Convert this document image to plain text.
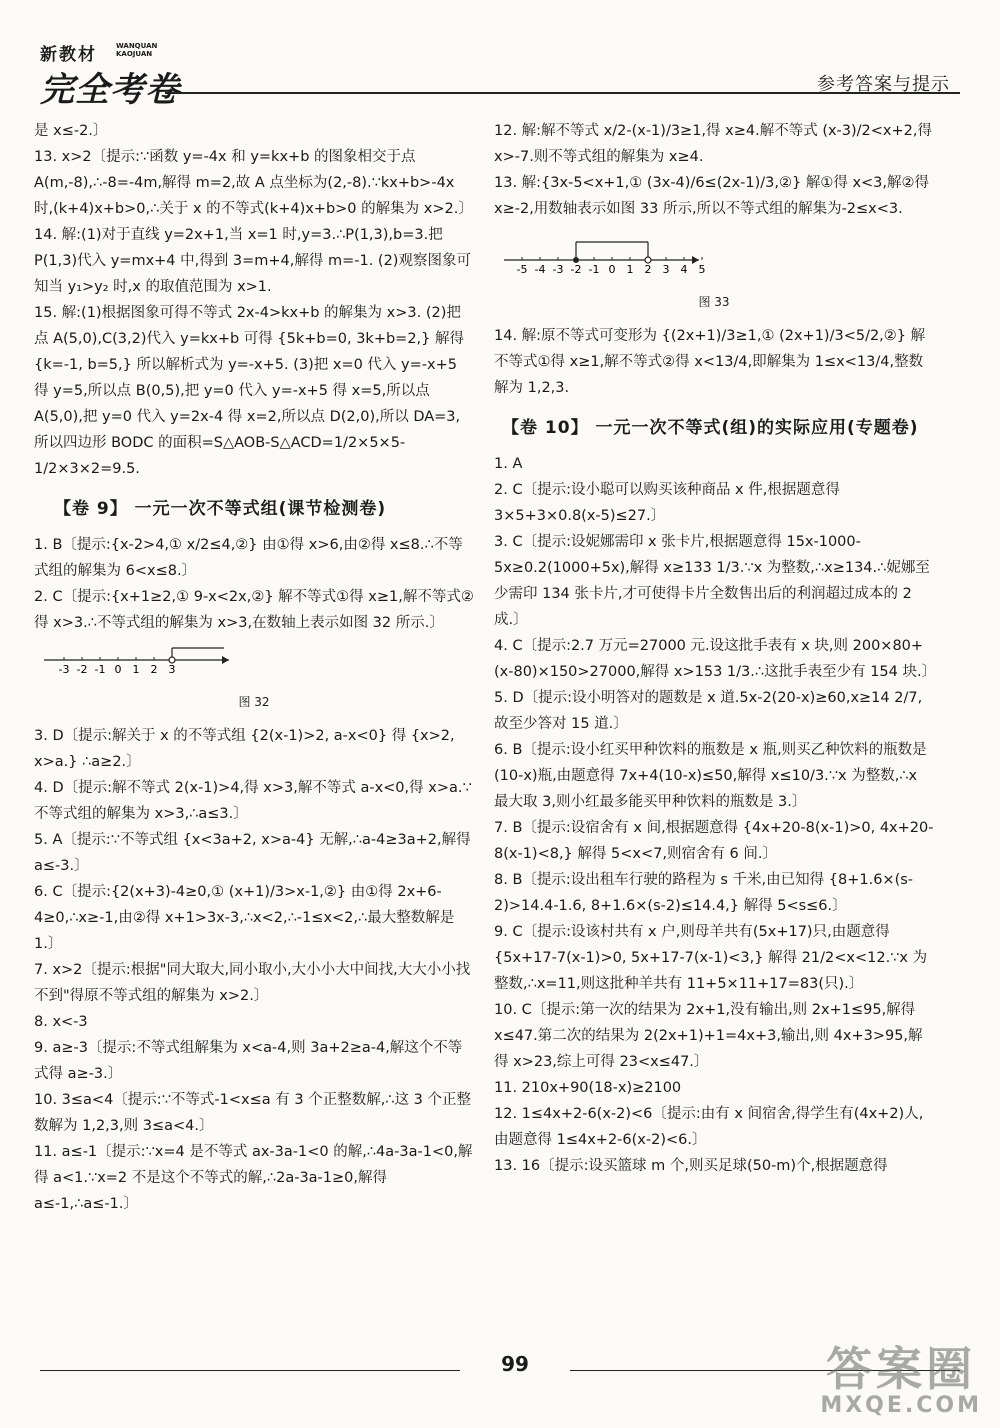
新教材	WANQUAN
KAOJUAN
完全考卷	参考答案与提示

是 x≤-2.〕

13. x>2〔提示:∵函数 y=-4x 和 y=kx+b 的图象相交于点 A(m,-8),∴-8=-4m,解得 m=2,故 A 点坐标为(2,-8).∵kx+b>-4x 时,(k+4)x+b>0,∴关于 x 的不等式(k+4)x+b>0 的解集为 x>2.〕

14. 解:(1)对于直线 y=2x+1,当 x=1 时,y=3.∴P(1,3),b=3.把 P(1,3)代入 y=mx+4 中,得到 3=m+4,解得 m=-1. (2)观察图象可知当 y₁>y₂ 时,x 的取值范围为 x>1.

15. 解:(1)根据图象可得不等式 2x-4>kx+b 的解集为 x>3. (2)把点 A(5,0),C(3,2)代入 y=kx+b 可得 {5k+b=0, 3k+b=2,} 解得 {k=-1, b=5,} 所以解析式为 y=-x+5. (3)把 x=0 代入 y=-x+5 得 y=5,所以点 B(0,5),把 y=0 代入 y=-x+5 得 x=5,所以点 A(5,0),把 y=0 代入 y=2x-4 得 x=2,所以点 D(2,0),所以 DA=3,所以四边形 BODC 的面积=S△AOB-S△ACD=1/2×5×5-1/2×3×2=9.5.

【卷 9】 一元一次不等式组(课节检测卷)

1. B〔提示:{x-2>4,① x/2≤4,②} 由①得 x>6,由②得 x≤8.∴不等式组的解集为 6<x≤8.〕

2. C〔提示:{x+1≥2,① 9-x<2x,②} 解不等式①得 x≥1,解不等式②得 x>3.∴不等式组的解集为 x>3,在数轴上表示如图 32 所示.〕

-3 -2 -1 0 1 2 3
图 32

3. D〔提示:解关于 x 的不等式组 {2(x-1)>2, a-x<0} 得 {x>2, x>a.} ∴a≥2.〕

4. D〔提示:解不等式 2(x-1)>4,得 x>3,解不等式 a-x<0,得 x>a.∵不等式组的解集为 x>3,∴a≤3.〕

5. A〔提示:∵不等式组 {x<3a+2, x>a-4} 无解,∴a-4≥3a+2,解得 a≤-3.〕

6. C〔提示:{2(x+3)-4≥0,① (x+1)/3>x-1,②} 由①得 2x+6-4≥0,∴x≥-1,由②得 x+1>3x-3,∴x<2,∴-1≤x<2,∴最大整数解是 1.〕

7. x>2〔提示:根据"同大取大,同小取小,大小小大中间找,大大小小找不到"得原不等式组的解集为 x>2.〕

8. x<-3

9. a≥-3〔提示:不等式组解集为 x<a-4,则 3a+2≥a-4,解这个不等式得 a≥-3.〕

10. 3≤a<4〔提示:∵不等式-1<x≤a 有 3 个正整数解,∴这 3 个正整数解为 1,2,3,则 3≤a<4.〕

11. a≤-1〔提示:∵x=4 是不等式 ax-3a-1<0 的解,∴4a-3a-1<0,解得 a<1.∵x=2 不是这个不等式的解,∴2a-3a-1≥0,解得 a≤-1,∴a≤-1.〕

12. 解:解不等式 x/2-(x-1)/3≥1,得 x≥4.解不等式 (x-3)/2<x+2,得 x>-7.则不等式组的解集为 x≥4.

13. 解:{3x-5<x+1,① (3x-4)/6≤(2x-1)/3,②} 解①得 x<3,解②得 x≥-2,用数轴表示如图 33 所示,所以不等式组的解集为-2≤x<3.

-5 -4 -3 -2 -1 0 1 2 3 4 5
图 33

14. 解:原不等式可变形为 {(2x+1)/3≥1,① (2x+1)/3<5/2,②} 解不等式①得 x≥1,解不等式②得 x<13/4,即解集为 1≤x<13/4,整数解为 1,2,3.

【卷 10】 一元一次不等式(组)的实际应用(专题卷)

1. A

2. C〔提示:设小聪可以购买该种商品 x 件,根据题意得 3×5+3×0.8(x-5)≤27.〕

3. C〔提示:设妮娜需印 x 张卡片,根据题意得 15x-1000-5x≥0.2(1000+5x),解得 x≥133 1/3.∵x 为整数,∴x≥134.∴妮娜至少需印 134 张卡片,才可使得卡片全数售出后的利润超过成本的 2 成.〕

4. C〔提示:2.7 万元=27000 元.设这批手表有 x 块,则 200×80+(x-80)×150>27000,解得 x>153 1/3.∴这批手表至少有 154 块.〕

5. D〔提示:设小明答对的题数是 x 道.5x-2(20-x)≥60,x≥14 2/7,故至少答对 15 道.〕

6. B〔提示:设小红买甲种饮料的瓶数是 x 瓶,则买乙种饮料的瓶数是(10-x)瓶,由题意得 7x+4(10-x)≤50,解得 x≤10/3.∵x 为整数,∴x 最大取 3,则小红最多能买甲种饮料的瓶数是 3.〕

7. B〔提示:设宿舍有 x 间,根据题意得 {4x+20-8(x-1)>0, 4x+20-8(x-1)<8,} 解得 5<x<7,则宿舍有 6 间.〕

8. B〔提示:设出租车行驶的路程为 s 千米,由已知得 {8+1.6×(s-2)>14.4-1.6, 8+1.6×(s-2)≤14.4,} 解得 5<s≤6.〕

9. C〔提示:设该村共有 x 户,则母羊共有(5x+17)只,由题意得 {5x+17-7(x-1)>0, 5x+17-7(x-1)<3,} 解得 21/2<x<12.∵x 为整数,∴x=11,则这批种羊共有 11+5×11+17=83(只).〕

10. C〔提示:第一次的结果为 2x+1,没有输出,则 2x+1≤95,解得 x≤47.第二次的结果为 2(2x+1)+1=4x+3,输出,则 4x+3>95,解得 x>23,综上可得 23<x≤47.〕

11. 210x+90(18-x)≥2100

12. 1≤4x+2-6(x-2)<6〔提示:由有 x 间宿舍,得学生有(4x+2)人,由题意得 1≤4x+2-6(x-2)<6.〕

13. 16〔提示:设买篮球 m 个,则买足球(50-m)个,根据题意得

99	答案圈
MXQE.COM
